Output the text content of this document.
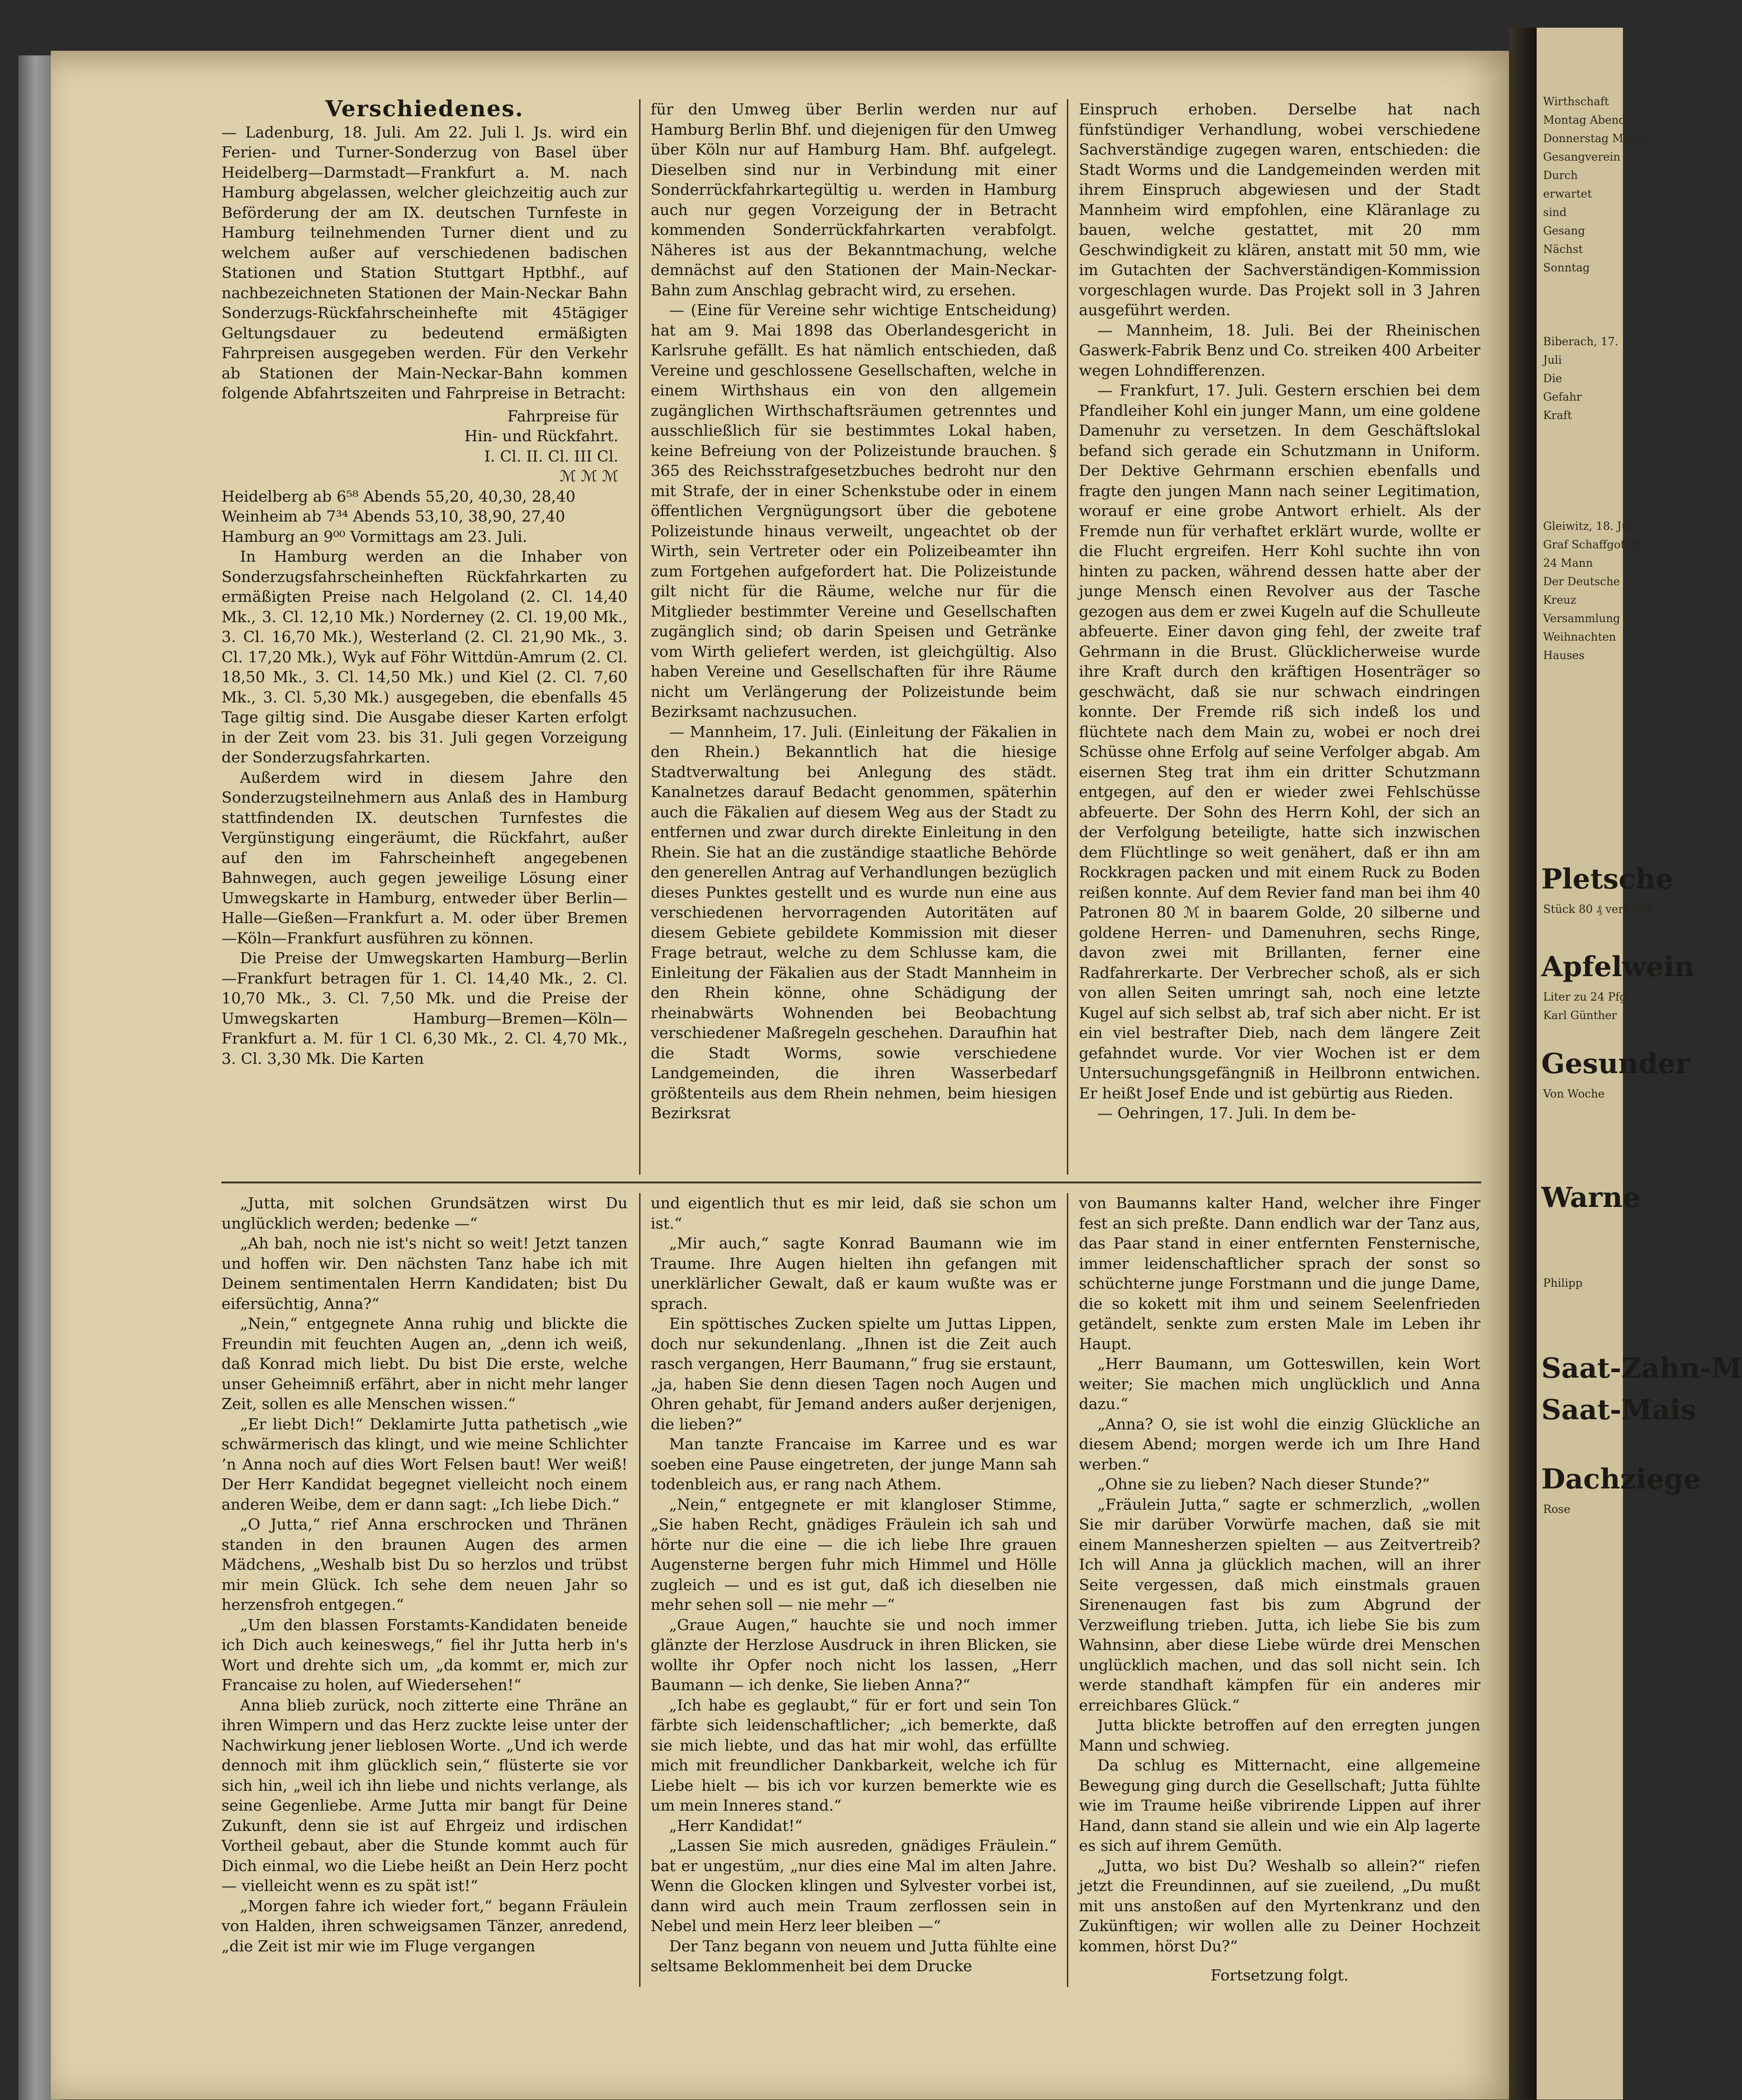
Verschiedenes.

— Ladenburg, 18. Juli. Am 22. Juli l. Js. wird ein Ferien- und Turner-Sonderzug von Basel über Heidelberg—Darmstadt—Frankfurt a. M. nach Hamburg abgelassen, welcher gleichzeitig auch zur Beförderung der am IX. deutschen Turnfeste in Hamburg teilnehmenden Turner dient und zu welchem außer auf verschiedenen badischen Stationen und Station Stuttgart Hptbhf., auf nachbezeichneten Stationen der Main-Neckar Bahn Sonderzugs-Rückfahrscheinhefte mit 45tägiger Geltungsdauer zu bedeutend ermäßigten Fahrpreisen ausgegeben werden. Für den Verkehr ab Stationen der Main-Neckar-Bahn kommen folgende Abfahrtszeiten und Fahrpreise in Betracht:

Fahrpreise für
Hin- und Rückfahrt.
I. Cl. II. Cl. III Cl.
ℳ ℳ ℳ
Heidelberg ab 6⁵⁸ Abends 55,20, 40,30, 28,40
Weinheim ab 7³⁴ Abends 53,10, 38,90, 27,40
Hamburg an 9⁰⁰ Vormittags am 23. Juli.

In Hamburg werden an die Inhaber von Sonderzugsfahrscheinheften Rückfahrkarten zu ermäßigten Preise nach Helgoland (2. Cl. 14,40 Mk., 3. Cl. 12,10 Mk.) Norderney (2. Cl. 19,00 Mk., 3. Cl. 16,70 Mk.), Westerland (2. Cl. 21,90 Mk., 3. Cl. 17,20 Mk.), Wyk auf Föhr Wittdün-Amrum (2. Cl. 18,50 Mk., 3. Cl. 14,50 Mk.) und Kiel (2. Cl. 7,60 Mk., 3. Cl. 5,30 Mk.) ausgegeben, die ebenfalls 45 Tage giltig sind. Die Ausgabe dieser Karten erfolgt in der Zeit vom 23. bis 31. Juli gegen Vorzeigung der Sonderzugsfahrkarten.

Außerdem wird in diesem Jahre den Sonderzugsteilnehmern aus Anlaß des in Hamburg stattfindenden IX. deutschen Turnfestes die Vergünstigung eingeräumt, die Rückfahrt, außer auf den im Fahrscheinheft angegebenen Bahnwegen, auch gegen jeweilige Lösung einer Umwegskarte in Hamburg, entweder über Berlin—Halle—Gießen—Frankfurt a. M. oder über Bremen—Köln—Frankfurt ausführen zu können.

Die Preise der Umwegskarten Hamburg—Berlin—Frankfurt betragen für 1. Cl. 14,40 Mk., 2. Cl. 10,70 Mk., 3. Cl. 7,50 Mk. und die Preise der Umwegskarten Hamburg—Bremen—Köln—Frankfurt a. M. für 1 Cl. 6,30 Mk., 2. Cl. 4,70 Mk., 3. Cl. 3,30 Mk. Die Karten

für den Umweg über Berlin werden nur auf Hamburg Berlin Bhf. und diejenigen für den Umweg über Köln nur auf Hamburg Ham. Bhf. aufgelegt. Dieselben sind nur in Verbindung mit einer Sonderrückfahrkartegültig u. werden in Hamburg auch nur gegen Vorzeigung der in Betracht kommenden Sonderrückfahrkarten verabfolgt. Näheres ist aus der Bekanntmachung, welche demnächst auf den Stationen der Main-Neckar-Bahn zum Anschlag gebracht wird, zu ersehen.

— (Eine für Vereine sehr wichtige Entscheidung) hat am 9. Mai 1898 das Oberlandesgericht in Karlsruhe gefällt. Es hat nämlich entschieden, daß Vereine und geschlossene Gesellschaften, welche in einem Wirthshaus ein von den allgemein zugänglichen Wirthschaftsräumen getrenntes und ausschließlich für sie bestimmtes Lokal haben, keine Befreiung von der Polizeistunde brauchen. § 365 des Reichsstrafgesetzbuches bedroht nur den mit Strafe, der in einer Schenkstube oder in einem öffentlichen Vergnügungsort über die gebotene Polizeistunde hinaus verweilt, ungeachtet ob der Wirth, sein Vertreter oder ein Polizeibeamter ihn zum Fortgehen aufgefordert hat. Die Polizeistunde gilt nicht für die Räume, welche nur für die Mitglieder bestimmter Vereine und Gesellschaften zugänglich sind; ob darin Speisen und Getränke vom Wirth geliefert werden, ist gleichgültig. Also haben Vereine und Gesellschaften für ihre Räume nicht um Verlängerung der Polizeistunde beim Bezirksamt nachzusuchen.

— Mannheim, 17. Juli. (Einleitung der Fäkalien in den Rhein.) Bekanntlich hat die hiesige Stadtverwaltung bei Anlegung des städt. Kanalnetzes darauf Bedacht genommen, späterhin auch die Fäkalien auf diesem Weg aus der Stadt zu entfernen und zwar durch direkte Einleitung in den Rhein. Sie hat an die zuständige staatliche Behörde den generellen Antrag auf Verhandlungen bezüglich dieses Punktes gestellt und es wurde nun eine aus verschiedenen hervorragenden Autoritäten auf diesem Gebiete gebildete Kommission mit dieser Frage betraut, welche zu dem Schlusse kam, die Einleitung der Fäkalien aus der Stadt Mannheim in den Rhein könne, ohne Schädigung der rheinabwärts Wohnenden bei Beobachtung verschiedener Maßregeln geschehen. Daraufhin hat die Stadt Worms, sowie verschiedene Landgemeinden, die ihren Wasserbedarf größtenteils aus dem Rhein nehmen, beim hiesigen Bezirksrat

Einspruch erhoben. Derselbe hat nach fünfstündiger Verhandlung, wobei verschiedene Sachverständige zugegen waren, entschieden: die Stadt Worms und die Landgemeinden werden mit ihrem Einspruch abgewiesen und der Stadt Mannheim wird empfohlen, eine Kläranlage zu bauen, welche gestattet, mit 20 mm Geschwindigkeit zu klären, anstatt mit 50 mm, wie im Gutachten der Sachverständigen-Kommission vorgeschlagen wurde. Das Projekt soll in 3 Jahren ausgeführt werden.

— Mannheim, 18. Juli. Bei der Rheinischen Gaswerk-Fabrik Benz und Co. streiken 400 Arbeiter wegen Lohndifferenzen.

— Frankfurt, 17. Juli. Gestern erschien bei dem Pfandleiher Kohl ein junger Mann, um eine goldene Damenuhr zu versetzen. In dem Geschäftslokal befand sich gerade ein Schutzmann in Uniform. Der Dektive Gehrmann erschien ebenfalls und fragte den jungen Mann nach seiner Legitimation, worauf er eine grobe Antwort erhielt. Als der Fremde nun für verhaftet erklärt wurde, wollte er die Flucht ergreifen. Herr Kohl suchte ihn von hinten zu packen, während dessen hatte aber der junge Mensch einen Revolver aus der Tasche gezogen aus dem er zwei Kugeln auf die Schulleute abfeuerte. Einer davon ging fehl, der zweite traf Gehrmann in die Brust. Glücklicherweise wurde ihre Kraft durch den kräftigen Hosenträger so geschwächt, daß sie nur schwach eindringen konnte. Der Fremde riß sich indeß los und flüchtete nach dem Main zu, wobei er noch drei Schüsse ohne Erfolg auf seine Verfolger abgab. Am eisernen Steg trat ihm ein dritter Schutzmann entgegen, auf den er wieder zwei Fehlschüsse abfeuerte. Der Sohn des Herrn Kohl, der sich an der Verfolgung beteiligte, hatte sich inzwischen dem Flüchtlinge so weit genähert, daß er ihn am Rockkragen packen und mit einem Ruck zu Boden reißen konnte. Auf dem Revier fand man bei ihm 40 Patronen 80 ℳ in baarem Golde, 20 silberne und goldene Herren- und Damenuhren, sechs Ringe, davon zwei mit Brillanten, ferner eine Radfahrerkarte. Der Verbrecher schoß, als er sich von allen Seiten umringt sah, noch eine letzte Kugel auf sich selbst ab, traf sich aber nicht. Er ist ein viel bestrafter Dieb, nach dem längere Zeit gefahndet wurde. Vor vier Wochen ist er dem Untersuchungsgefängniß in Heilbronn entwichen. Er heißt Josef Ende und ist gebürtig aus Rieden.

— Oehringen, 17. Juli. In dem be-

„Jutta, mit solchen Grundsätzen wirst Du unglücklich werden; bedenke —“

„Ah bah, noch nie ist's nicht so weit! Jetzt tanzen und hoffen wir. Den nächsten Tanz habe ich mit Deinem sentimentalen Herrn Kandidaten; bist Du eifersüchtig, Anna?“

„Nein,“ entgegnete Anna ruhig und blickte die Freundin mit feuchten Augen an, „denn ich weiß, daß Konrad mich liebt. Du bist Die erste, welche unser Geheimniß erfährt, aber in nicht mehr langer Zeit, sollen es alle Menschen wissen.“

„Er liebt Dich!“ Deklamirte Jutta pathetisch „wie schwärmerisch das klingt, und wie meine Schlichter ’n Anna noch auf dies Wort Felsen baut! Wer weiß! Der Herr Kandidat begegnet vielleicht noch einem anderen Weibe, dem er dann sagt: „Ich liebe Dich.“

„O Jutta,“ rief Anna erschrocken und Thränen standen in den braunen Augen des armen Mädchens, „Weshalb bist Du so herzlos und trübst mir mein Glück. Ich sehe dem neuen Jahr so herzensfroh entgegen.“

„Um den blassen Forstamts-Kandidaten beneide ich Dich auch keineswegs,“ fiel ihr Jutta herb in's Wort und drehte sich um, „da kommt er, mich zur Francaise zu holen, auf Wiedersehen!“

Anna blieb zurück, noch zitterte eine Thräne an ihren Wimpern und das Herz zuckte leise unter der Nachwirkung jener lieblosen Worte. „Und ich werde dennoch mit ihm glücklich sein,“ flüsterte sie vor sich hin, „weil ich ihn liebe und nichts verlange, als seine Gegenliebe. Arme Jutta mir bangt für Deine Zukunft, denn sie ist auf Ehrgeiz und irdischen Vortheil gebaut, aber die Stunde kommt auch für Dich einmal, wo die Liebe heißt an Dein Herz pocht — vielleicht wenn es zu spät ist!“

„Morgen fahre ich wieder fort,“ begann Fräulein von Halden, ihren schweigsamen Tänzer, anredend, „die Zeit ist mir wie im Fluge vergangen

und eigentlich thut es mir leid, daß sie schon um ist.“

„Mir auch,“ sagte Konrad Baumann wie im Traume. Ihre Augen hielten ihn gefangen mit unerklärlicher Gewalt, daß er kaum wußte was er sprach.

Ein spöttisches Zucken spielte um Juttas Lippen, doch nur sekundenlang. „Ihnen ist die Zeit auch rasch vergangen, Herr Baumann,“ frug sie erstaunt, „ja, haben Sie denn diesen Tagen noch Augen und Ohren gehabt, für Jemand anders außer derjenigen, die lieben?“

Man tanzte Francaise im Karree und es war soeben eine Pause eingetreten, der junge Mann sah todenbleich aus, er rang nach Athem.

„Nein,“ entgegnete er mit klangloser Stimme, „Sie haben Recht, gnädiges Fräulein ich sah und hörte nur die eine — die ich liebe Ihre grauen Augensterne bergen fuhr mich Himmel und Hölle zugleich — und es ist gut, daß ich dieselben nie mehr sehen soll — nie mehr —“

„Graue Augen,“ hauchte sie und noch immer glänzte der Herzlose Ausdruck in ihren Blicken, sie wollte ihr Opfer noch nicht los lassen, „Herr Baumann — ich denke, Sie lieben Anna?“

„Ich habe es geglaubt,“ für er fort und sein Ton färbte sich leidenschaftlicher; „ich bemerkte, daß sie mich liebte, und das hat mir wohl, das erfüllte mich mit freundlicher Dankbarkeit, welche ich für Liebe hielt — bis ich vor kurzen bemerkte wie es um mein Inneres stand.“

„Herr Kandidat!“

„Lassen Sie mich ausreden, gnädiges Fräulein.“ bat er ungestüm, „nur dies eine Mal im alten Jahre. Wenn die Glocken klingen und Sylvester vorbei ist, dann wird auch mein Traum zerflossen sein in Nebel und mein Herz leer bleiben —“

Der Tanz begann von neuem und Jutta fühlte eine seltsame Beklommenheit bei dem Drucke

von Baumanns kalter Hand, welcher ihre Finger fest an sich preßte. Dann endlich war der Tanz aus, das Paar stand in einer entfernten Fensternische, immer leidenschaftlicher sprach der sonst so schüchterne junge Forstmann und die junge Dame, die so kokett mit ihm und seinem Seelenfrieden getändelt, senkte zum ersten Male im Leben ihr Haupt.

„Herr Baumann, um Gotteswillen, kein Wort weiter; Sie machen mich unglücklich und Anna dazu.“

„Anna? O, sie ist wohl die einzig Glückliche an diesem Abend; morgen werde ich um Ihre Hand werben.“

„Ohne sie zu lieben? Nach dieser Stunde?“

„Fräulein Jutta,“ sagte er schmerzlich, „wollen Sie mir darüber Vorwürfe machen, daß sie mit einem Mannesherzen spielten — aus Zeitvertreib? Ich will Anna ja glücklich machen, will an ihrer Seite vergessen, daß mich einstmals grauen Sirenenaugen fast bis zum Abgrund der Verzweiflung trieben. Jutta, ich liebe Sie bis zum Wahnsinn, aber diese Liebe würde drei Menschen unglücklich machen, und das soll nicht sein. Ich werde standhaft kämpfen für ein anderes mir erreichbares Glück.“

Jutta blickte betroffen auf den erregten jungen Mann und schwieg.

Da schlug es Mitternacht, eine allgemeine Bewegung ging durch die Gesellschaft; Jutta fühlte wie im Traume heiße vibrirende Lippen auf ihrer Hand, dann stand sie allein und wie ein Alp lagerte es sich auf ihrem Gemüth.

„Jutta, wo bist Du? Weshalb so allein?“ riefen jetzt die Freundinnen, auf sie zueilend, „Du mußt mit uns anstoßen auf den Myrtenkranz und den Zukünftigen; wir wollen alle zu Deiner Hochzeit kommen, hörst Du?“

Fortsetzung folgt.

Wirthschaft
Montag Abend
Donnerstag Mittag
Gesangverein
Durch
erwartet
sind
Gesang
Nächst
Sonntag
Biberach, 17.
Juli
Die
Gefahr
Kraft
Gleiwitz, 18. Juli
Graf Schaffgotsch
24 Mann
Der Deutsche
Kreuz
Versammlung
Weihnachten
Hauses
Pletsche
Stück 80 ₰ verkauft
Apfelwein
Liter zu 24 Pfg.
Karl Günther
Gesunder
Von Woche
Warne
Philipp
Saat-Zahn-M
Saat-Mais
Dachziege
Rose
